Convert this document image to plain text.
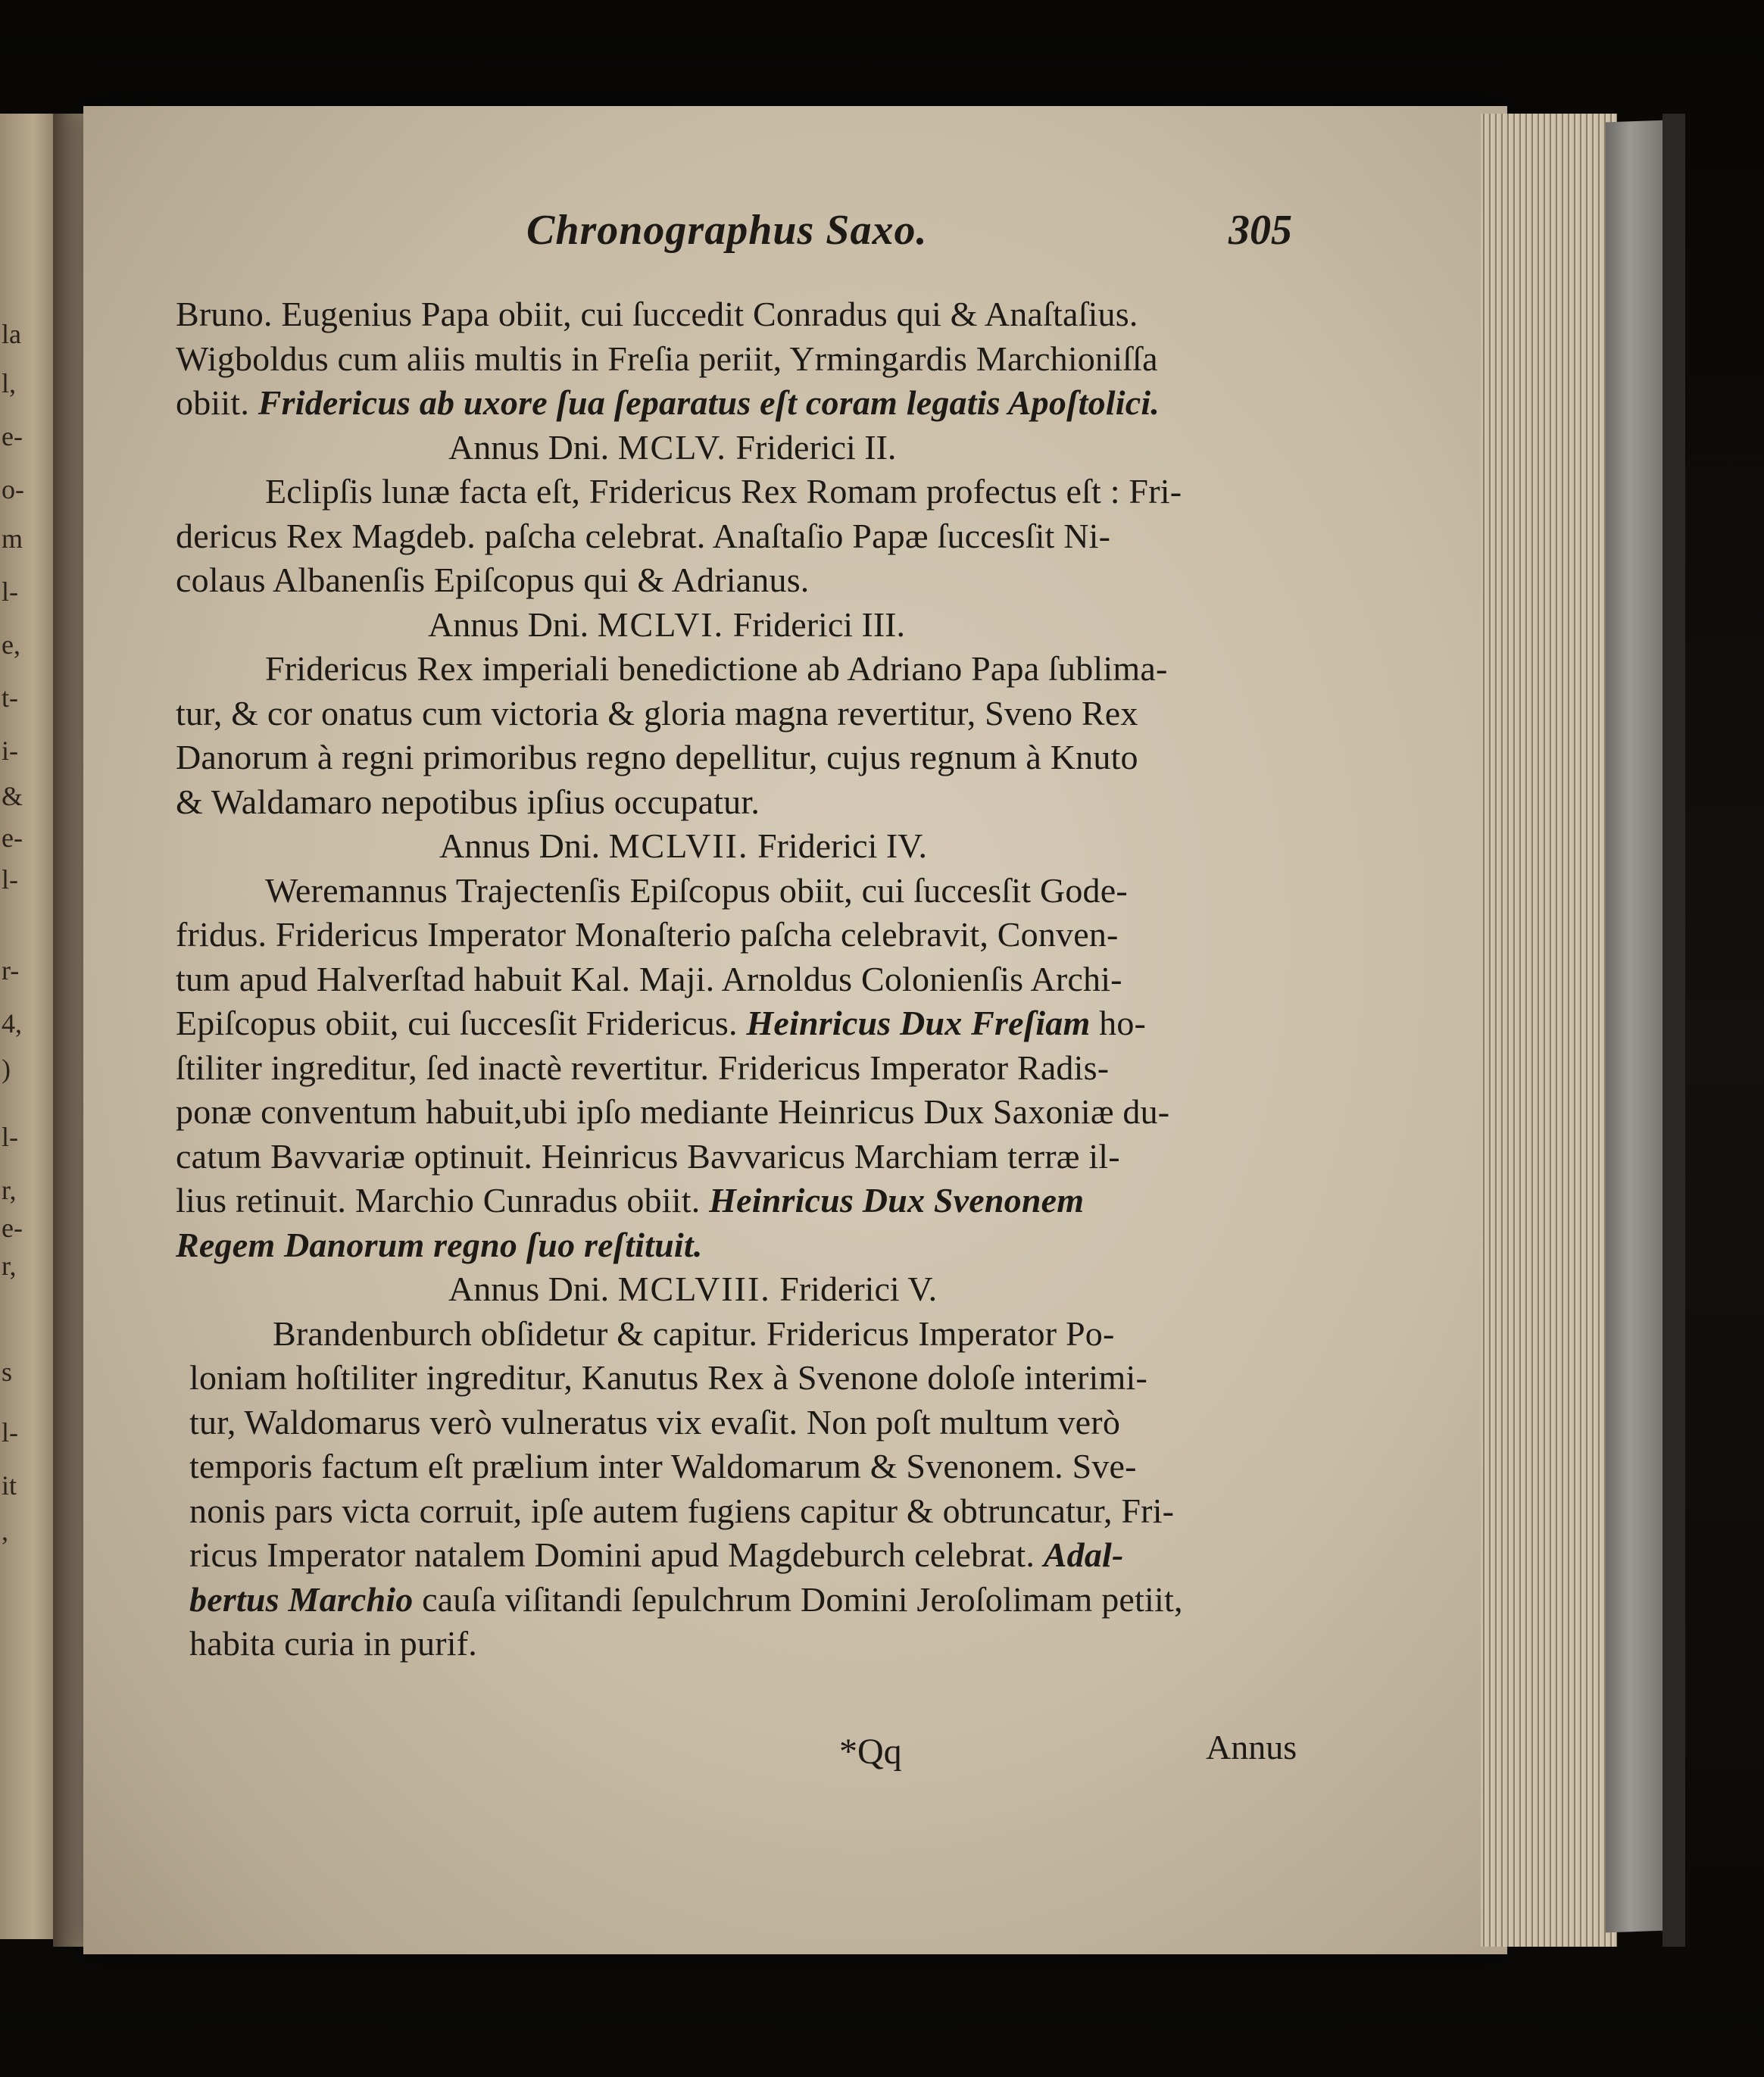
la
l,
e-
o-
m
l-
e,
t-
i-
&
e-
l-
r-
4,
)
l-
r,
e-
r,
s
l-
it
,
Chronographus Saxo.	305
Bruno. Eugenius Papa obiit, cui ſuccedit Conradus qui & Anaſtaſius.
Wigboldus cum aliis multis in Freſia periit, Yrmingardis Marchioniſſa
obiit. Fridericus ab uxore ſua ſeparatus eſt coram legatis Apoſtolici.
Annus Dni. MCLV. Friderici II.
Eclipſis lunæ facta eſt, Fridericus Rex Romam profectus eſt : Fri-
dericus Rex Magdeb. paſcha celebrat. Anaſtaſio Papæ ſuccesſit Ni-
colaus Albanenſis Epiſcopus qui & Adrianus.
Annus Dni. MCLVI. Friderici III.
Fridericus Rex imperiali benedictione ab Adriano Papa ſublima-
tur, & cor onatus cum victoria & gloria magna revertitur, Sveno Rex
Danorum à regni primoribus regno depellitur, cujus regnum à Knuto
& Waldamaro nepotibus ipſius occupatur.
Annus Dni. MCLVII. Friderici IV.
Weremannus Trajectenſis Epiſcopus obiit, cui ſuccesſit Gode-
fridus. Fridericus Imperator Monaſterio paſcha celebravit, Conven-
tum apud Halverſtad habuit Kal. Maji. Arnoldus Colonienſis Archi-
Epiſcopus obiit, cui ſuccesſit Fridericus. Heinricus Dux Freſiam ho-
ſtiliter ingreditur, ſed inactè revertitur. Fridericus Imperator Radis-
ponæ conventum habuit,ubi ipſo mediante Heinricus Dux Saxoniæ du-
catum Bavvariæ optinuit. Heinricus Bavvaricus Marchiam terræ il-
lius retinuit. Marchio Cunradus obiit. Heinricus Dux Svenonem
Regem Danorum regno ſuo reſtituit.
Annus Dni. MCLVIII. Friderici V.
Brandenburch obſidetur & capitur. Fridericus Imperator Po-
loniam hoſtiliter ingreditur, Kanutus Rex à Svenone doloſe interimi-
tur, Waldomarus verò vulneratus vix evaſit. Non poſt multum verò
temporis factum eſt prælium inter Waldomarum & Svenonem. Sve-
nonis pars victa corruit, ipſe autem fugiens capitur & obtruncatur, Fri-
ricus Imperator natalem Domini apud Magdeburch celebrat. Adal-
bertus Marchio cauſa viſitandi ſepulchrum Domini Jeroſolimam petiit,
habita curia in purif.
*Qq	Annus
